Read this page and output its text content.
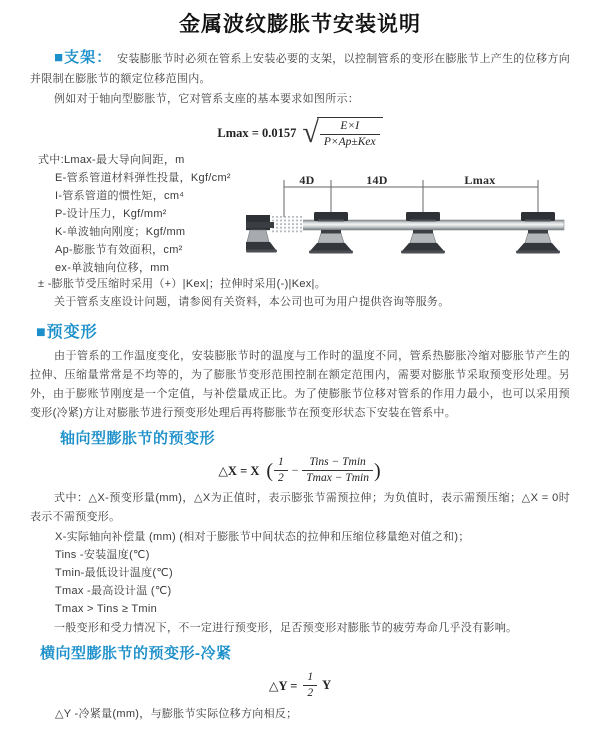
金属波纹膨胀节安装说明

■支架： 安装膨胀节时必须在管系上安装必要的支架，以控制管系的变形在膨胀节上产生的位移方向并限制在膨胀节的额定位移范围内。

例如对于轴向型膨胀节，它对管系支座的基本要求如图所示：

Lmax = 0.0157 √ $\frac{E\times I}{\text{P×Ap±Kex}}$
式中:Lmax-最大导向间距，m
E-管系管道材料弹性投量，Kgf/cm²
I-管系管道的惯性矩，cm⁴
P-设计压力，Kgf/mm²
K-单波轴向刚度；Kgf/mm
Ap-膨胀节有效面积，cm²
ex-单波轴向位移，mm
4D	14D	Lmax

± -膨胀节受压缩时采用（+）|Kex|；拉伸时采用(-)|Kex|。

关于管系支座设计问题，请参阅有关资料，本公司也可为用户提供咨询等服务。

■预变形

由于管系的工作温度变化，安装膨胀节时的温度与工作时的温度不同，管系热膨胀冷缩对膨胀节产生的拉伸、压缩量常常是不均等的，为了膨胀节变形范围控制在额定范围内，需要对膨胀节采取预变形处理。另外，由于膨账节刚度是一个定值，与补偿量成正比。为了使膨胀节位移对管系的作用力最小，也可以采用预变形(冷紧)方让对膨胀节进行预变形处理后再将膨胀节在预变形状态下安装在管系中。

轴向型膨胀节的预变形
△X = X ( $\frac{1}{2} - \frac{\text{Tins − Tmin}}{Tmax - Tmin}$ )

式中：△X-预变形量(mm)，△X为正值时，表示膨张节需预拉伸；为负值时，表示需预压缩；△X = 0时表示不需预变形。

X-实际轴向补偿量 (mm) (相对于膨胀节中间状态的拉伸和压缩位移量绝对值之和)；

Tins -安装温度(℃)
Tmin-最低设计温度(℃)
Tmax -最高设计温 (℃)
Tmax > Tins ≥ Tmin

一般变形和受力情况下，不一定进行预变形，足否预变形对膨胀节的疲劳寿命几乎没有影响。

横向型膨胀节的预变形-冷紧
△Y = $\frac{1}{2}$ Y

△Y -冷紧量(mm)，与膨胀节实际位移方向相反；
